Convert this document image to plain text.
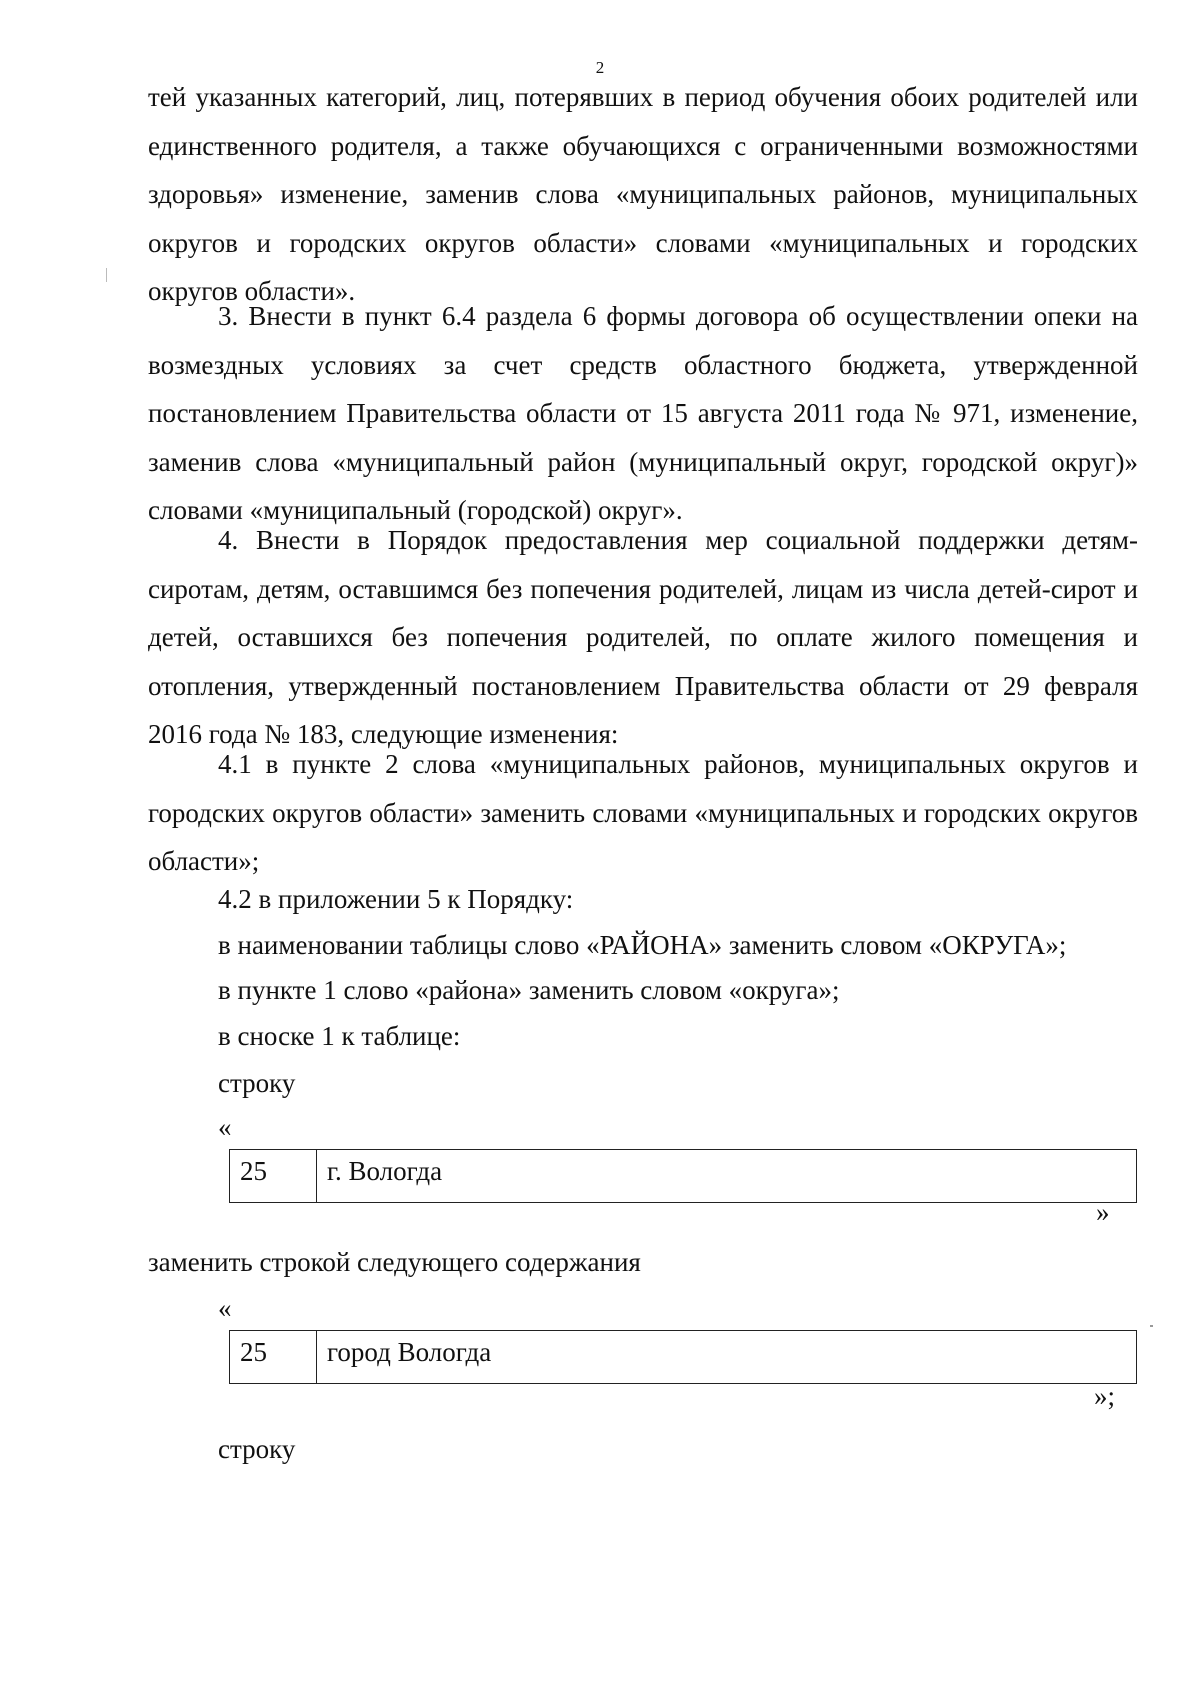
2

тей указанных категорий, лиц, потерявших в период обучения обоих родителей или единственного родителя, а также обучающихся с ограниченными возможностями здоровья» изменение, заменив слова «муниципальных районов, муниципальных округов и городских округов области» словами «муниципальных и городских округов области».

3. Внести в пункт 6.4 раздела 6 формы договора об осуществлении опеки на возмездных условиях за счет средств областного бюджета, утвержденной постановлением Правительства области от 15 августа 2011 года № 971, изменение, заменив слова «муниципальный район (муниципальный округ, городской округ)» словами «муниципальный (городской) округ».

4. Внести в Порядок предоставления мер социальной поддержки детям-сиротам, детям, оставшимся без попечения родителей, лицам из числа детей-сирот и детей, оставшихся без попечения родителей, по оплате жилого помещения и отопления, утвержденный постановлением Правительства области от 29 февраля 2016 года № 183, следующие изменения:

4.1 в пункте 2 слова «муниципальных районов, муниципальных округов и городских округов области» заменить словами «муниципальных и городских округов области»;

4.2 в приложении 5 к Порядку:
в наименовании таблицы слово «РАЙОНА» заменить словом «ОКРУГА»;
в пункте 1 слово «района» заменить словом «округа»;
в сноске 1 к таблице:
строку
«
25	г. Вологда
»
заменить строкой следующего содержания
«
25	город Вологда
»;
строку
